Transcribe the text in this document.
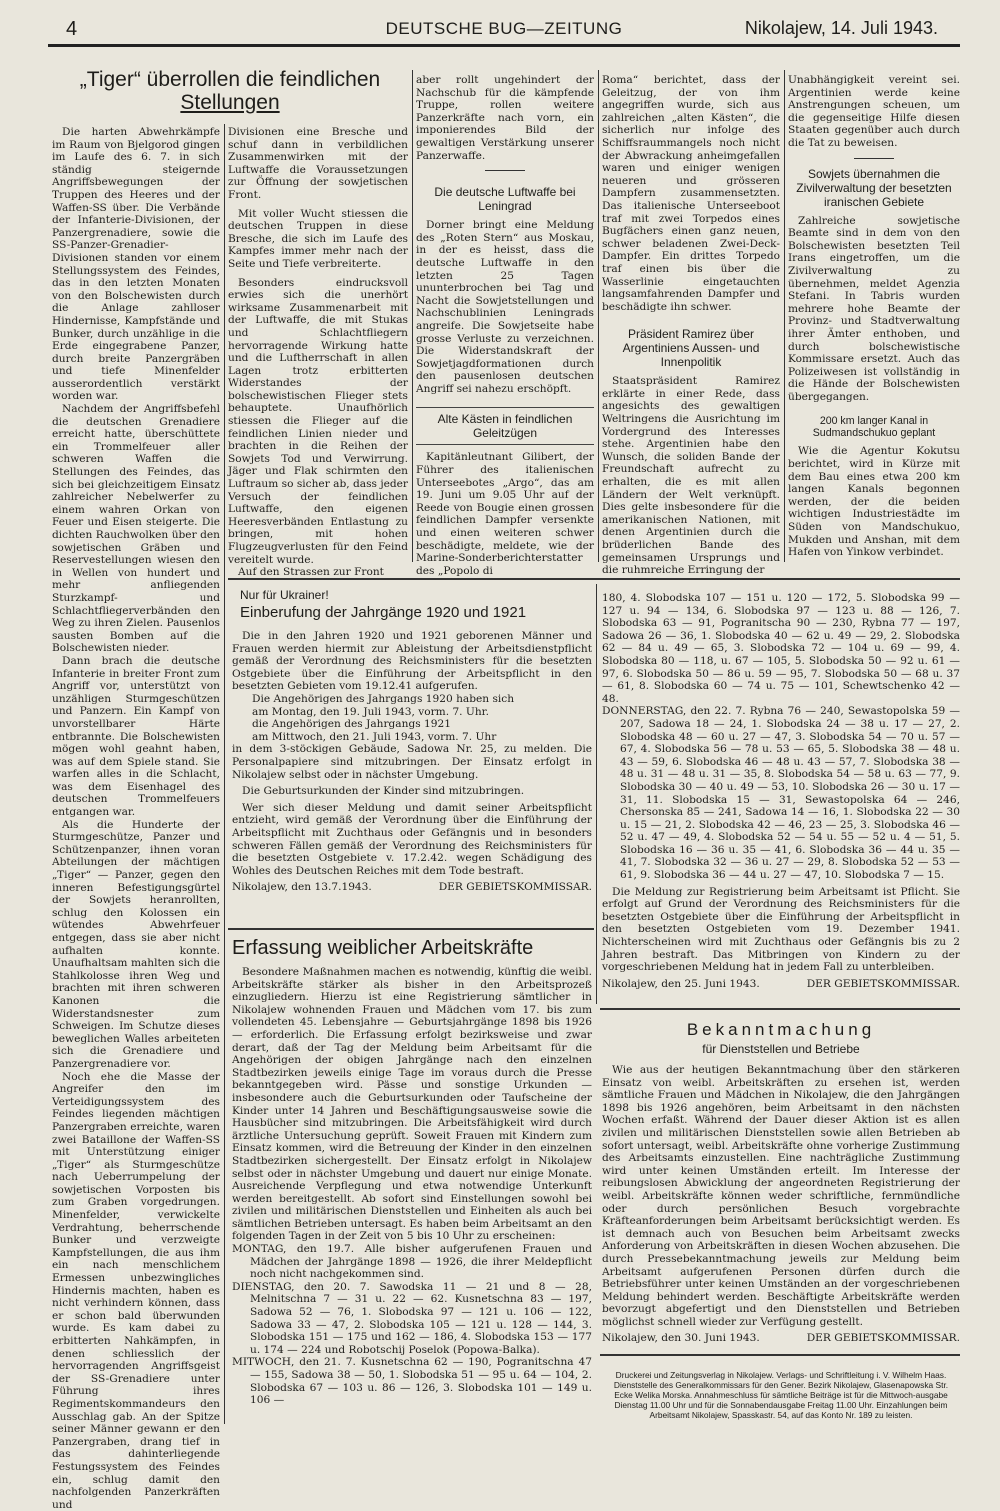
4	DEUTSCHE BUG—ZEITUNG	Nikolajew, 14. Juli 1943.

„Tiger“ überrollen die feindlichen

Stellungen

Die harten Abwehrkämpfe im Raum von Bjelgorod gingen im Laufe des 6. 7. in sich ständig steigernde Angriffsbewegungen der Truppen des Heeres und der Waffen-SS über. Die Verbände der Infanterie-Divisionen, der Panzergrenadiere, sowie die SS-Panzer-Grenadier-Divisionen standen vor einem Stellungssystem des Feindes, das in den letzten Monaten von den Bolschewisten durch die Anlage zahlloser Hindernisse, Kampfstände und Bunker, durch unzählige in die Erde eingegrabene Panzer, durch breite Panzergräben und tiefe Minenfelder ausserordentlich verstärkt worden war.

Nachdem der Angriffsbefehl die deutschen Grenadiere erreicht hatte, überschüttete ein Trommelfeuer aller schweren Waffen die Stellungen des Feindes, das sich bei gleichzeitigem Einsatz zahlreicher Nebelwerfer zu einem wahren Orkan von Feuer und Eisen steigerte. Die dichten Rauchwolken über den sowjetischen Gräben und Reservestellungen wiesen den in Wellen von hundert und mehr anfliegenden Sturzkampf- und Schlachtfliegerverbänden den Weg zu ihren Zielen. Pausenlos sausten Bomben auf die Bolschewisten nieder.

Dann brach die deutsche Infanterie in breiter Front zum Angriff vor, unterstützt von unzähligen Sturmgeschützen und Panzern. Ein Kampf von unvorstellbarer Härte entbrannte. Die Bolschewisten mögen wohl geahnt haben, was auf dem Spiele stand. Sie warfen alles in die Schlacht, was dem Eisenhagel des deutschen Trommelfeuers entgangen war.

Als die Hunderte der Sturmgeschütze, Panzer und Schützenpanzer, ihnen voran Abteilungen der mächtigen „Tiger“ — Panzer, gegen den inneren Befestigungsgürtel der Sowjets heranrollten, schlug den Kolossen ein wütendes Abwehrfeuer entgegen, dass sie aber nicht aufhalten konnte. Unaufhaltsam mahlten sich die Stahlkolosse ihren Weg und brachten mit ihren schweren Kanonen die Widerstandsnester zum Schweigen. Im Schutze dieses beweglichen Walles arbeiteten sich die Grenadiere und Panzergrenadiere vor.

Noch ehe die Masse der Angreifer den im Verteidigungssystem des Feindes liegenden mächtigen Panzergraben erreichte, waren zwei Bataillone der Waffen-SS mit Unterstützung einiger „Tiger“ als Sturmgeschütze nach Ueberrumpelung der sowjetischen Vorposten bis zum Graben vorgedrungen. Minenfelder, verwickelte Verdrahtung, beherrschende Bunker und verzweigte Kampfstellungen, die aus ihm ein nach menschlichem Ermessen unbezwingliches Hindernis machten, haben es nicht verhindern können, dass er schon bald überwunden wurde. Es kam dabei zu erbitterten Nahkämpfen, in denen schliesslich der hervorragenden Angriffsgeist der SS-Grenadiere unter Führung ihres Regimentskommandeurs den Ausschlag gab. An der Spitze seiner Männer gewann er den Panzergraben, drang tief in das dahinterliegende Festungssystem des Feindes ein, schlug damit den nachfolgenden Panzerkräften und

Divisionen eine Bresche und schuf dann in verbildlichen Zusammenwirken mit der Luftwaffe die Voraussetzungen zur Öffnung der sowjetischen Front.

Mit voller Wucht stiessen die deutschen Truppen in diese Bresche, die sich im Laufe des Kampfes immer mehr nach der Seite und Tiefe verbreiterte.

Besonders eindrucksvoll erwies sich die unerhört wirksame Zusammenarbeit mit der Luftwaffe, die mit Stukas und Schlachtfliegern hervorragende Wirkung hatte und die Luftherrschaft in allen Lagen trotz erbitterten Widerstandes der bolschewistischen Flieger stets behauptete. Unaufhörlich stiessen die Flieger auf die feindlichen Linien nieder und brachten in die Reihen der Sowjets Tod und Verwirrung. Jäger und Flak schirmten den Luftraum so sicher ab, dass jeder Versuch der feindlichen Luftwaffe, den eigenen Heeresverbänden Entlastung zu bringen, mit hohen Flugzeugverlusten für den Feind vereitelt wurde.

Auf den Strassen zur Front

aber rollt ungehindert der Nachschub für die kämpfende Truppe, rollen weitere Panzerkräfte nach vorn, ein imponierendes Bild der gewaltigen Verstärkung unserer Panzerwaffe.

Die deutsche Luftwaffe bei Leningrad

Dorner bringt eine Meldung des „Roten Stern“ aus Moskau, in der es heisst, dass die deutsche Luftwaffe in den letzten 25 Tagen ununterbrochen bei Tag und Nacht die Sowjetstellungen und Nachschublinien Leningrads angreife. Die Sowjetseite habe grosse Verluste zu verzeichnen. Die Widerstandskraft der Sowjetjagdformationen durch den pausenlosen deutschen Angriff sei nahezu erschöpft.

Alte Kästen in feindlichen Geleitzügen

Kapitänleutnant Gilibert, der Führer des italienischen Unterseebotes „Argo“, das am 19. Juni um 9.05 Uhr auf der Reede von Bougie einen grossen feindlichen Dampfer versenkte und einen weiteren schwer beschädigte, meldete, wie der Marine-Sonderberichterstatter des „Popolo di

Roma“ berichtet, dass der Geleitzug, der von ihm angegriffen wurde, sich aus zahlreichen „alten Kästen“, die sicherlich nur infolge des Schiffsraummangels noch nicht der Abwrackung anheimgefallen waren und einiger wenigen neueren und grösseren Dampfern zusammensetzten. Das italienische Unterseeboot traf mit zwei Torpedos eines Bugfächers einen ganz neuen, schwer beladenen Zwei-Deck-Dampfer. Ein drittes Torpedo traf einen bis über die Wasserlinie eingetauchten langsamfahrenden Dampfer und beschädigte ihn schwer.

Präsident Ramirez über Argentiniens Aussen- und Innenpolitik

Staatspräsident Ramirez erklärte in einer Rede, dass angesichts des gewaltigen Weltringens die Ausrichtung im Vordergrund des Interesses stehe. Argentinien habe den Wunsch, die soliden Bande der Freundschaft aufrecht zu erhalten, die es mit allen Ländern der Welt verknüpft. Dies gelte insbesondere für die amerikanischen Nationen, mit denen Argentinien durch die brüderlichen Bande des gemeinsamen Ursprungs und die ruhmreiche Erringung der

Unabhängigkeit vereint sei. Argentinien werde keine Anstrengungen scheuen, um die gegenseitige Hilfe diesen Staaten gegenüber auch durch die Tat zu beweisen.

Sowjets übernahmen die Zivilverwaltung der besetzten iranischen Gebiete

Zahlreiche sowjetische Beamte sind in dem von den Bolschewisten besetzten Teil Irans eingetroffen, um die Zivilverwaltung zu übernehmen, meldet Agenzia Stefani. In Tabris wurden mehrere hohe Beamte der Provinz- und Stadtverwaltung ihrer Ämter enthoben, und durch bolschewistische Kommissare ersetzt. Auch das Polizeiwesen ist vollständig in die Hände der Bolschewisten übergegangen.

200 km langer Kanal in Sudmandschukuo geplant

Wie die Agentur Kokutsu berichtet, wird in Kürze mit dem Bau eines etwa 200 km langen Kanals begonnen werden, der die beiden wichtigen Industriestädte im Süden von Mandschukuo, Mukden und Anshan, mit dem Hafen von Yinkow verbindet.

Nur für Ukrainer!

Einberufung der Jahrgänge 1920 und 1921

Die in den Jahren 1920 und 1921 geborenen Männer und Frauen werden hiermit zur Ableistung der Arbeitsdienstpflicht gemäß der Verordnung des Reichsministers für die besetzten Ostgebiete über die Einführung der Arbeitspflicht in den besetzten Gebieten vom 19.12.41 aufgerufen.

Die Angehörigen des Jahrgangs 1920 haben sich

am Montag, den 19. Juli 1943, vorm. 7. Uhr.

die Angehörigen des Jahrgangs 1921

am Mittwoch, den 21. Juli 1943, vorm. 7. Uhr

in dem 3-stöckigen Gebäude, Sadowa Nr. 25, zu melden. Die Personalpapiere sind mitzubringen. Der Einsatz erfolgt in Nikolajew selbst oder in nächster Umgebung.

Die Geburtsurkunden der Kinder sind mitzubringen.

Wer sich dieser Meldung und damit seiner Arbeitspflicht entzieht, wird gemäß der Verordnung über die Einführung der Arbeitspflicht mit Zuchthaus oder Gefängnis und in besonders schweren Fällen gemäß der Verordnung des Reichsministers für die besetzten Ostgebiete v. 17.2.42. wegen Schädigung des Wohles des Deutschen Reiches mit dem Tode bestraft.

Nikolajew, den 13.7.1943.	DER GEBIETSKOMMISSAR.

Erfassung weiblicher Arbeitskräfte

Besondere Maßnahmen machen es notwendig, künftig die weibl. Arbeitskräfte stärker als bisher in den Arbeitsprozeß einzugliedern. Hierzu ist eine Registrierung sämtlicher in Nikolajew wohnenden Frauen und Mädchen vom 17. bis zum vollendeten 45. Lebensjahre — Geburtsjahrgänge 1898 bis 1926 — erforderlich. Die Erfassung erfolgt bezirksweise und zwar derart, daß der Tag der Meldung beim Arbeitsamt für die Angehörigen der obigen Jahrgänge nach den einzelnen Stadtbezirken jeweils einige Tage im voraus durch die Presse bekanntgegeben wird. Pässe und sonstige Urkunden — insbesondere auch die Geburtsurkunden oder Taufscheine der Kinder unter 14 Jahren und Beschäftigungsausweise sowie die Hausbücher sind mitzubringen. Die Arbeitsfähigkeit wird durch ärztliche Untersuchung geprüft. Soweit Frauen mit Kindern zum Einsatz kommen, wird die Betreuung der Kinder in den einzelnen Stadtbezirken sichergestellt. Der Einsatz erfolgt in Nikolajew selbst oder in nächster Umgebung und dauert nur einige Monate. Ausreichende Verpflegung und etwa notwendige Unterkunft werden bereitgestellt. Ab sofort sind Einstellungen sowohl bei zivilen und militärischen Dienststellen und Einheiten als auch bei sämtlichen Betrieben untersagt. Es haben beim Arbeitsamt an den folgenden Tagen in der Zeit von 5 bis 10 Uhr zu erscheinen:

MONTAG, den 19.7. Alle bisher aufgerufenen Frauen und Mädchen der Jahrgänge 1898 — 1926, die ihrer Meldepflicht noch nicht nachgekommen sind.

DIENSTAG, den 20. 7. Sawodska 11 — 21 und 8 — 28, Melnitschna 7 — 31 u. 22 — 62. Kusnetschna 83 — 197, Sadowa 52 — 76, 1. Slobodska 97 — 121 u. 106 — 122, Sadowa 33 — 47, 2. Slobodska 105 — 121 u. 128 — 144, 3. Slobodska 151 — 175 und 162 — 186, 4. Slobodska 153 — 177 u. 174 — 224 und Robotschij Poselok (Popowa-Balka).

MITWOCH, den 21. 7. Kusnetschna 62 — 190, Pogranitschna 47 — 155, Sadowa 38 — 50, 1. Slobodska 51 — 95 u. 64 — 104, 2. Slobodska 67 — 103 u. 86 — 126, 3. Slobodska 101 — 149 u. 106 —

180, 4. Slobodska 107 — 151 u. 120 — 172, 5. Slobodska 99 — 127 u. 94 — 134, 6. Slobodska 97 — 123 u. 88 — 126, 7. Slobodska 63 — 91, Pogranitscha 90 — 230, Rybna 77 — 197, Sadowa 26 — 36, 1. Slobodska 40 — 62 u. 49 — 29, 2. Slobodska 62 — 84 u. 49 — 65, 3. Slobodska 72 — 104 u. 69 — 99, 4. Slobodska 80 — 118, u. 67 — 105, 5. Slobodska 50 — 92 u. 61 — 97, 6. Slobodska 50 — 86 u. 59 — 95, 7. Slobodska 50 — 68 u. 37 — 61, 8. Slobodska 60 — 74 u. 75 — 101, Schewtschenko 42 — 48.

DONNERSTAG, den 22. 7. Rybna 76 — 240, Sewastopolska 59 — 207, Sadowa 18 — 24, 1. Slobodska 24 — 38 u. 17 — 27, 2. Slobodska 48 — 60 u. 27 — 47, 3. Slobodska 54 — 70 u. 57 — 67, 4. Slobodska 56 — 78 u. 53 — 65, 5. Slobodska 38 — 48 u. 43 — 59, 6. Slobodska 46 — 48 u. 43 — 57, 7. Slobodska 38 — 48 u. 31 — 48 u. 31 — 35, 8. Slobodska 54 — 58 u. 63 — 77, 9. Slobodska 30 — 40 u. 49 — 53, 10. Slobodska 26 — 30 u. 17 — 31, 11. Slobodska 15 — 31, Sewastopolska 64 — 246, Chersonska 85 — 241, Sadowa 14 — 16, 1. Slobodska 22 — 30 u. 15 — 21, 2. Slobodska 42 — 46, 23 — 25, 3. Slobodska 46 — 52 u. 47 — 49, 4. Slobodska 52 — 54 u. 55 — 52 u. 4 — 51, 5. Slobodska 16 — 36 u. 35 — 41, 6. Slobodska 36 — 44 u. 35 — 41, 7. Slobodska 32 — 36 u. 27 — 29, 8. Slobodska 52 — 53 — 61, 9. Slobodska 36 — 44 u. 27 — 47, 10. Slobodska 7 — 15.

Die Meldung zur Registrierung beim Arbeitsamt ist Pflicht. Sie erfolgt auf Grund der Verordnung des Reichsministers für die besetzten Ostgebiete über die Einführung der Arbeitspflicht in den besetzten Ostgebieten vom 19. Dezember 1941. Nichterscheinen wird mit Zuchthaus oder Gefängnis bis zu 2 Jahren bestraft. Das Mitbringen von Kindern zu der vorgeschriebenen Meldung hat in jedem Fall zu unterbleiben.

Nikolajew, den 25. Juni 1943.	DER GEBIETSKOMMISSAR.

Bekanntmachung

für Dienststellen und Betriebe

Wie aus der heutigen Bekanntmachung über den stärkeren Einsatz von weibl. Arbeitskräften zu ersehen ist, werden sämtliche Frauen und Mädchen in Nikolajew, die den Jahrgängen 1898 bis 1926 angehören, beim Arbeitsamt in den nächsten Wochen erfaßt. Während der Dauer dieser Aktion ist es allen zivilen und militärischen Dienststellen sowie allen Betrieben ab sofort untersagt, weibl. Arbeitskräfte ohne vorherige Zustimmung des Arbeitsamts einzustellen. Eine nachträgliche Zustimmung wird unter keinen Umständen erteilt. Im Interesse der reibungslosen Abwicklung der angeordneten Registrierung der weibl. Arbeitskräfte können weder schriftliche, fernmündliche oder durch persönlichen Besuch vorgebrachte Kräfteanforderungen beim Arbeitsamt berücksichtigt werden. Es ist demnach auch von Besuchen beim Arbeitsamt zwecks Anforderung von Arbeitskräften in diesen Wochen abzusehen. Die durch Pressebekanntmachung jeweils zur Meldung beim Arbeitsamt aufgerufenen Personen dürfen durch die Betriebsführer unter keinen Umständen an der vorgeschriebenen Meldung behindert werden. Beschäftigte Arbeitskräfte werden bevorzugt abgefertigt und den Dienststellen und Betrieben möglichst schnell wieder zur Verfügung gestellt.

Nikolajew, den 30. Juni 1943.	DER GEBIETSKOMMISSAR.

Druckerei und Zeitungsverlag in Nikolajew. Verlags- und Schriftleitung i. V. Wilhelm Haas. Dienststelle des Generalkommissars für den Gener. Bezirk Nikolajew, Glasenapowska Str. Ecke Welika Morska. Annahmeschluss für sämtliche Beiträge ist für die Mittwoch-ausgabe Dienstag 11.00 Uhr und für die Sonnabendausgabe Freitag 11.00 Uhr. Einzahlungen beim Arbeitsamt Nikolajew, Spasskastr. 54, auf das Konto Nr. 189 zu leisten.
